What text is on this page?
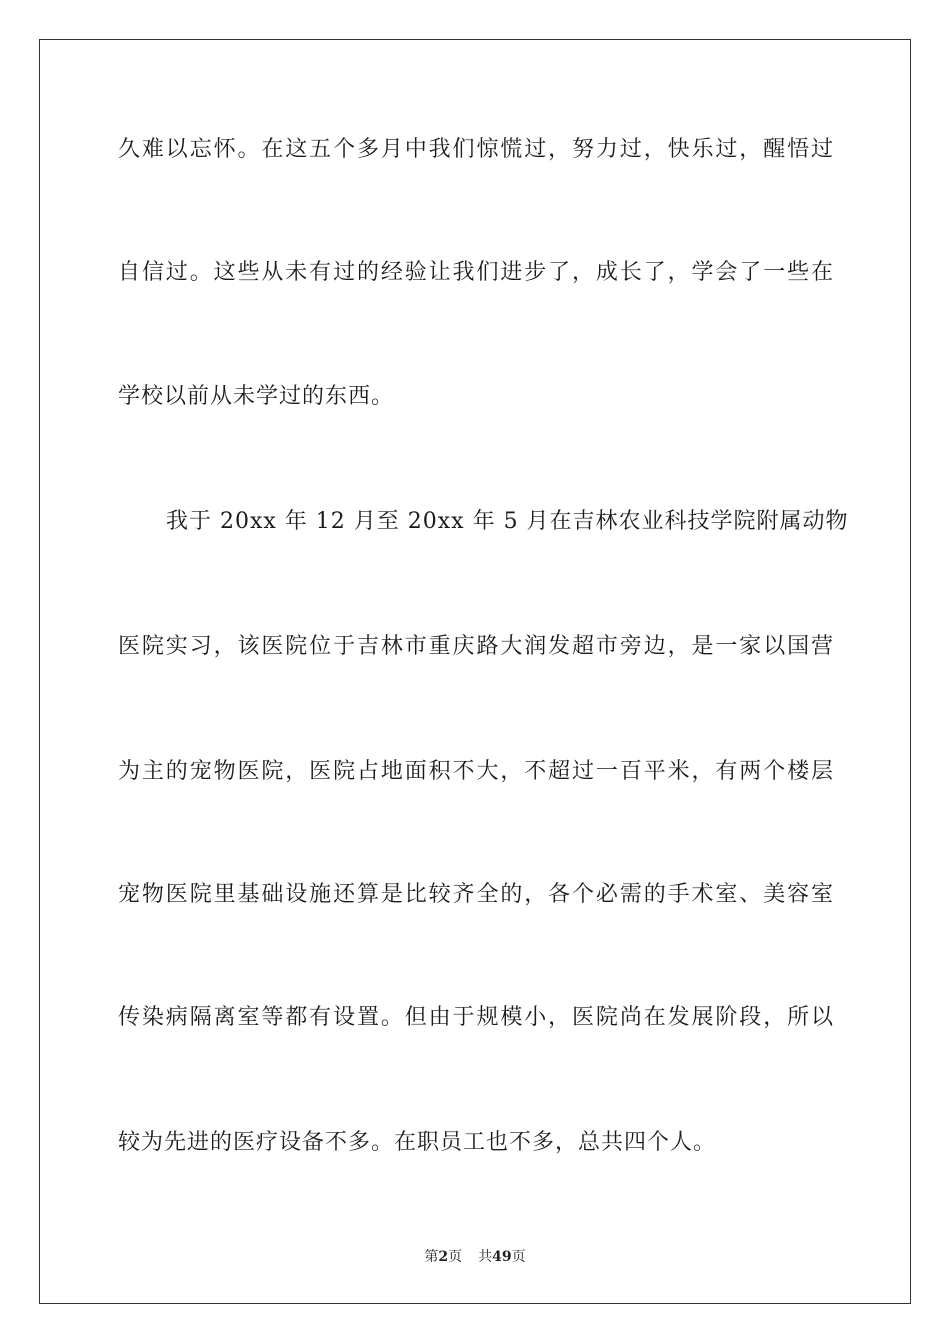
久难以忘怀。在这五个多月中我们惊慌过，努力过，快乐过，醒悟过
自信过。这些从未有过的经验让我们进步了，成长了，学会了一些在
学校以前从未学过的东西。
我于 20xx 年 12 月至 20xx 年 5 月在吉林农业科技学院附属动物
医院实习，该医院位于吉林市重庆路大润发超市旁边，是一家以国营
为主的宠物医院，医院占地面积不大，不超过一百平米，有两个楼层
宠物医院里基础设施还算是比较齐全的，各个必需的手术室、美容室
传染病隔离室等都有设置。但由于规模小，医院尚在发展阶段，所以
较为先进的医疗设备不多。在职员工也不多，总共四个人。
第2页 共49页
